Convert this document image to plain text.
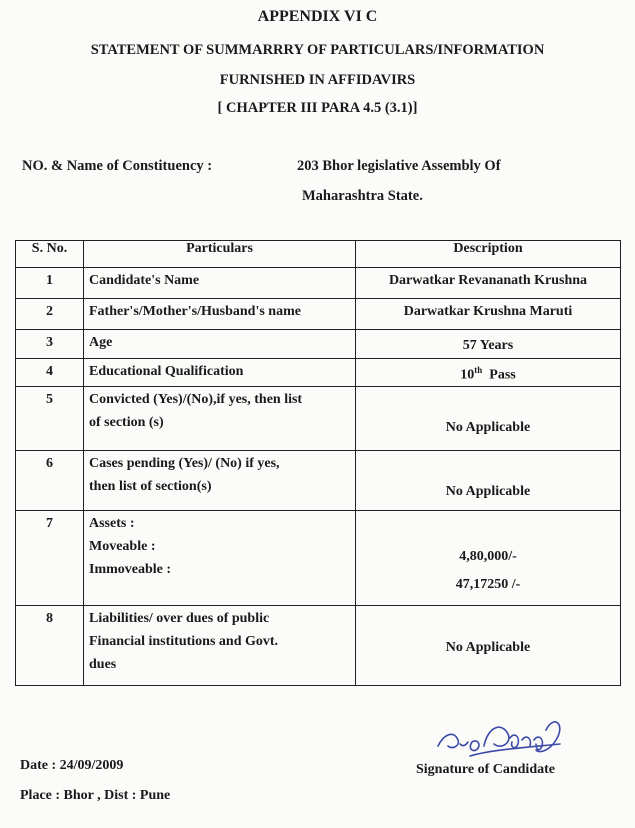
APPENDIX VI C
STATEMENT OF SUMMARRRY OF PARTICULARS/INFORMATION
FURNISHED IN AFFIDAVIRS
[ CHAPTER III PARA 4.5 (3.1)]
NO. & Name of Constituency :	203 Bhor legislative Assembly Of
Maharashtra State.
S. No.	Particulars	Description
1	Candidate's Name	Darwatkar Revananath Krushna
2	Father's/Mother's/Husband's name	Darwatkar Krushna Maruti
3	Age	57 Years
4	Educational Qualification	10th  Pass
5	Convicted (Yes)/(No),if yes, then list
of section (s)	No Applicable
6	Cases pending (Yes)/ (No) if yes,
then list of section(s)	No Applicable
7	Assets :
Moveable :
Immoveable :	4,80,000/-
47,17250 /-

8	Liabilities/ over dues of public
Financial institutions and Govt.
dues	No Applicable
Date : 24/09/2009
Place : Bhor , Dist : Pune
Signature of Candidate
